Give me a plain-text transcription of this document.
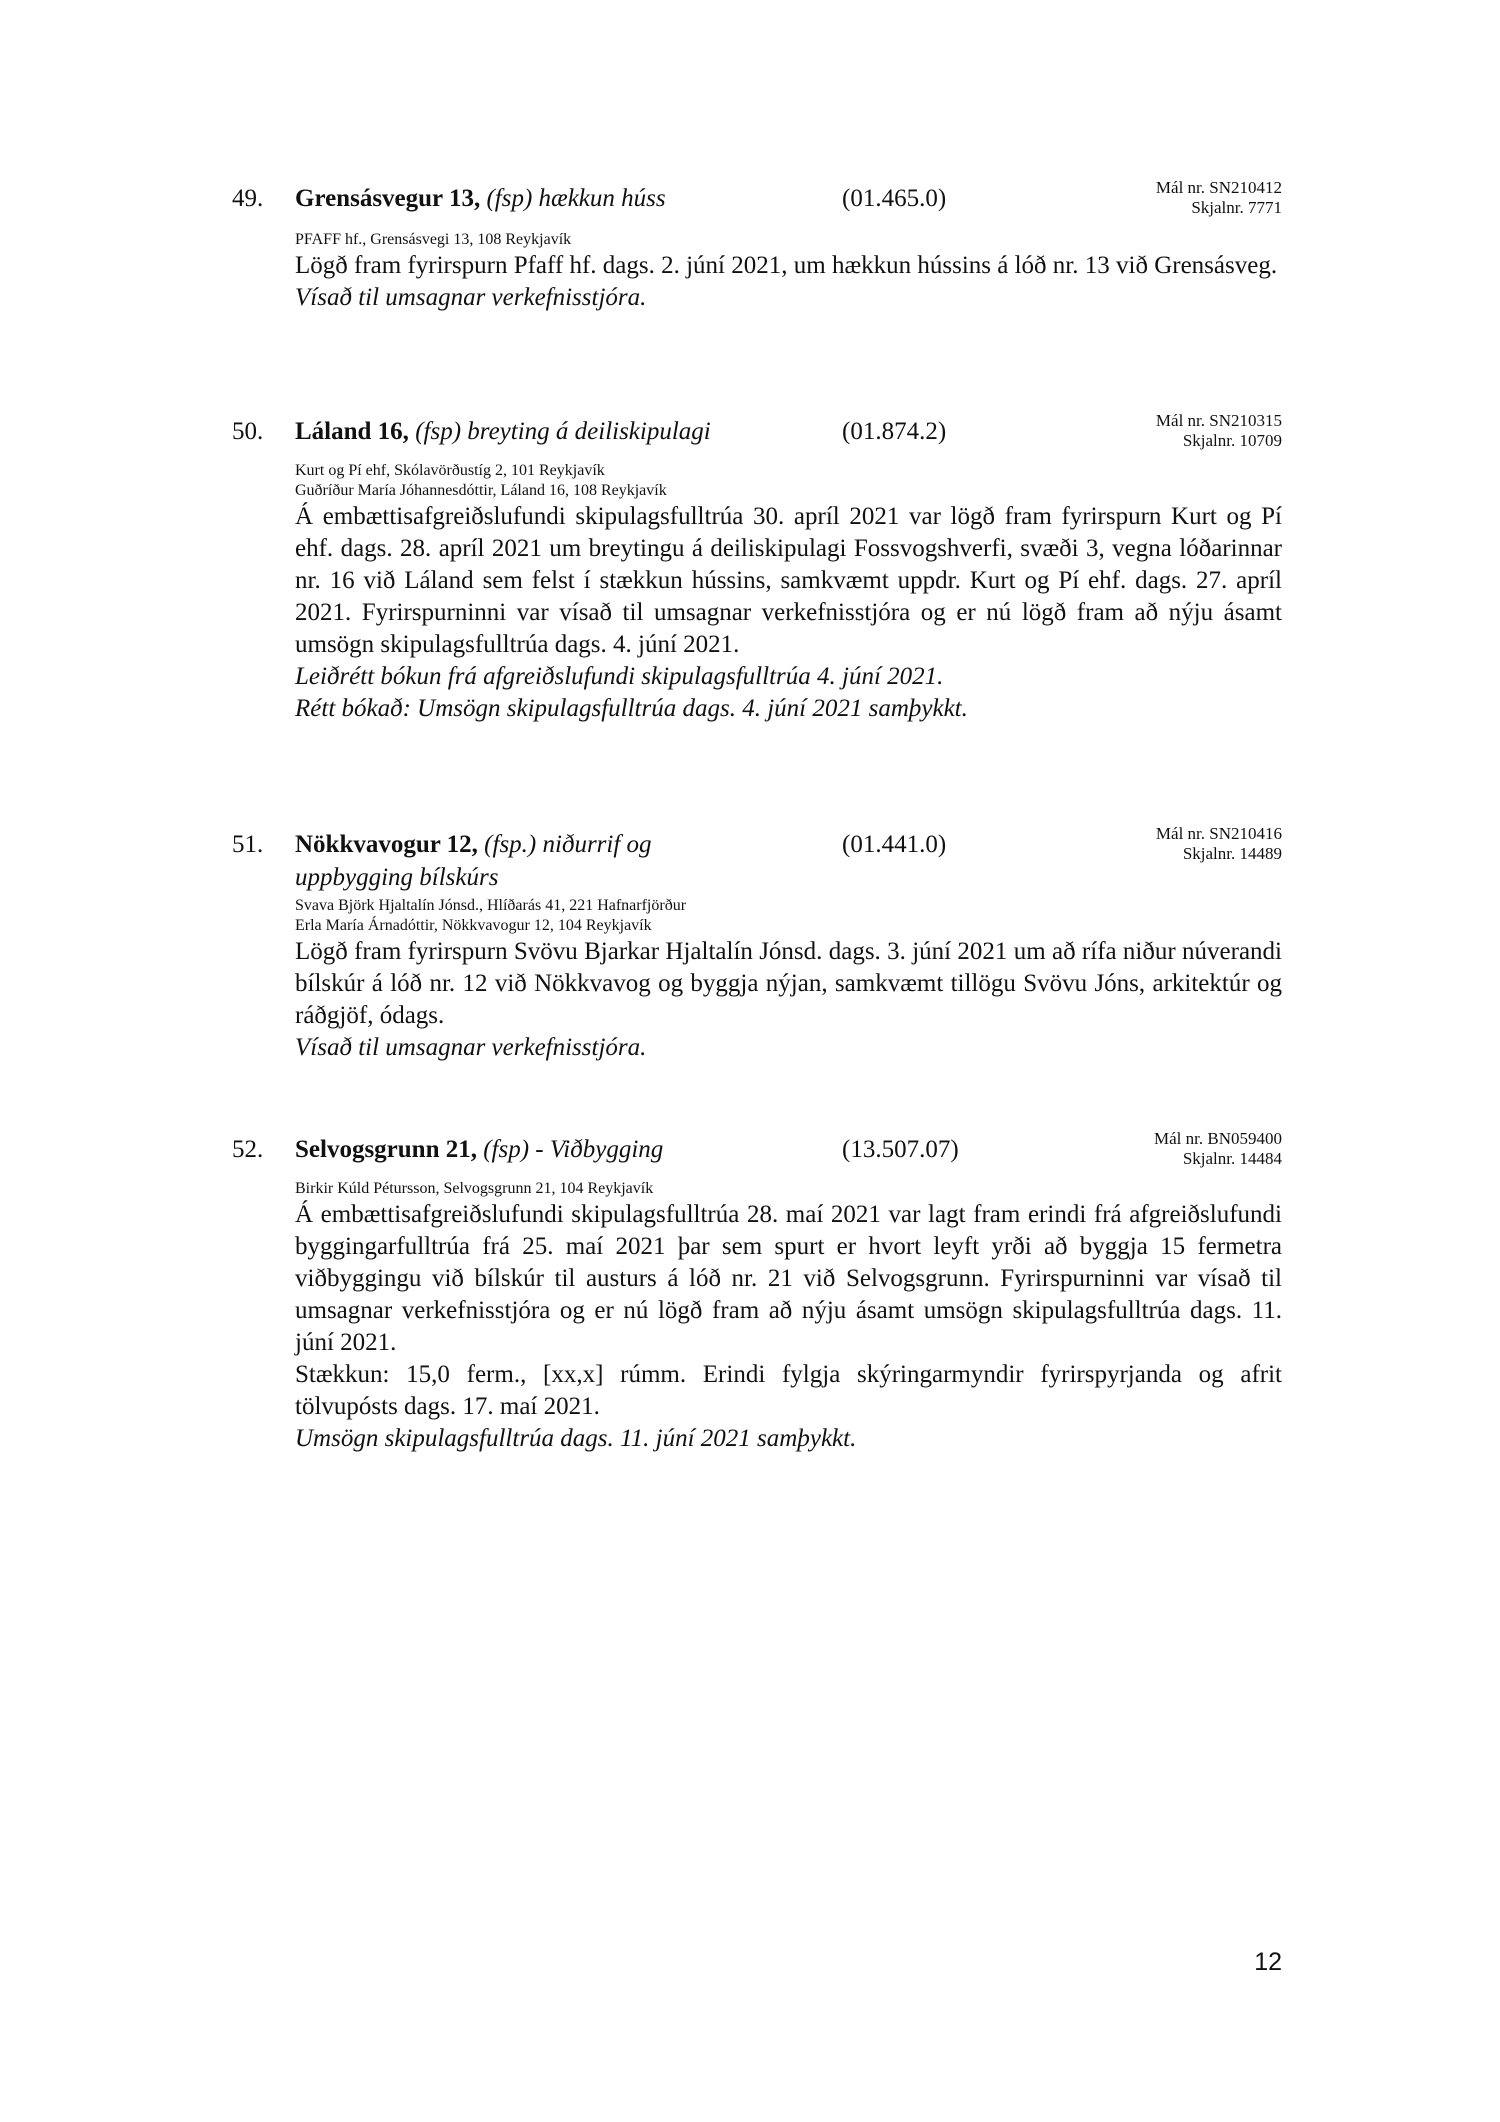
49. Grensásvegur 13, (fsp) hækkun húss	(01.465.0)	Mál nr. SN210412
Skjalnr. 7771

PFAFF hf., Grensásvegi 13, 108 Reykjavík

Lögð fram fyrirspurn Pfaff hf. dags. 2. júní 2021, um hækkun hússins á lóð nr. 13 við Grensásveg.

Vísað til umsagnar verkefnisstjóra.

50. Láland 16, (fsp) breyting á deiliskipulagi	(01.874.2)	Mál nr. SN210315
Skjalnr. 10709

Kurt og Pí ehf, Skólavörðustíg 2, 101 Reykjavík

Guðríður María Jóhannesdóttir, Láland 16, 108 Reykjavík

Á embættisafgreiðslufundi skipulagsfulltrúa 30. apríl 2021 var lögð fram fyrirspurn Kurt og Pí ehf. dags. 28. apríl 2021 um breytingu á deiliskipulagi Fossvogshverfi, svæði 3, vegna lóðarinnar nr. 16 við Láland sem felst í stækkun hússins, samkvæmt uppdr. Kurt og Pí ehf. dags. 27. apríl 2021. Fyrirspurninni var vísað til umsagnar verkefnisstjóra og er nú lögð fram að nýju ásamt umsögn skipulagsfulltrúa dags. 4. júní 2021.

Leiðrétt bókun frá afgreiðslufundi skipulagsfulltrúa 4. júní 2021.

Rétt bókað: Umsögn skipulagsfulltrúa dags. 4. júní 2021 samþykkt.

51. Nökkvavogur 12, (fsp.) niðurrif og uppbygging bílskúrs
(01.441.0)	Mál nr. SN210416
Skjalnr. 14489

Svava Björk Hjaltalín Jónsd., Hlíðarás 41, 221 Hafnarfjörður

Erla María Árnadóttir, Nökkvavogur 12, 104 Reykjavík

Lögð fram fyrirspurn Svövu Bjarkar Hjaltalín Jónsd. dags. 3. júní 2021 um að rífa niður núverandi bílskúr á lóð nr. 12 við Nökkvavog og byggja nýjan, samkvæmt tillögu Svövu Jóns, arkitektúr og ráðgjöf, ódags.

Vísað til umsagnar verkefnisstjóra.

52. Selvogsgrunn 21, (fsp) - Viðbygging	(13.507.07)	Mál nr. BN059400
Skjalnr. 14484

Birkir Kúld Pétursson, Selvogsgrunn 21, 104 Reykjavík

Á embættisafgreiðslufundi skipulagsfulltrúa 28. maí 2021 var lagt fram erindi frá afgreiðslufundi byggingarfulltrúa frá 25. maí 2021 þar sem spurt er hvort leyft yrði að byggja 15 fermetra viðbyggingu við bílskúr til austurs á lóð nr. 21 við Selvogsgrunn. Fyrirspurninni var vísað til umsagnar verkefnisstjóra og er nú lögð fram að nýju ásamt umsögn skipulagsfulltrúa dags. 11. júní 2021.

Stækkun: 15,0 ferm., [xx,x] rúmm. Erindi fylgja skýringarmyndir fyrirspyrjanda og afrit tölvupósts dags. 17. maí 2021.

Umsögn skipulagsfulltrúa dags. 11. júní 2021 samþykkt.

12
